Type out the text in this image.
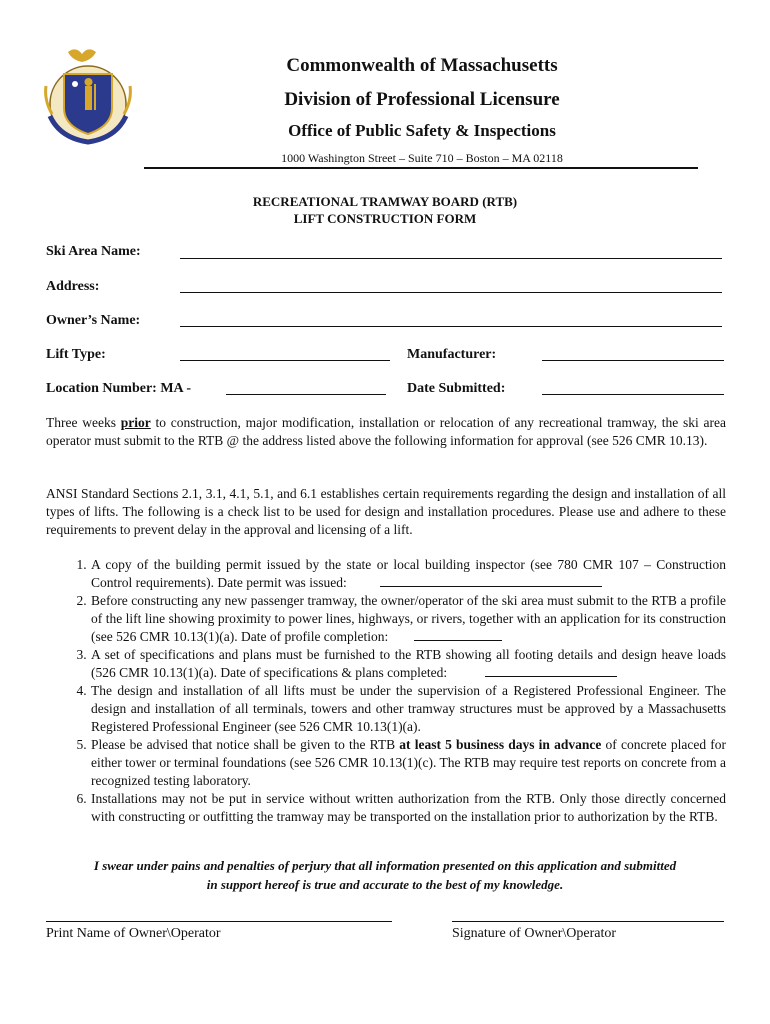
Commonwealth of Massachusetts
Division of Professional Licensure
Office of Public Safety & Inspections
1000 Washington Street – Suite 710 – Boston – MA 02118
RECREATIONAL TRAMWAY BOARD (RTB)
LIFT CONSTRUCTION FORM
Ski Area Name:
Address:
Owner’s Name:
Lift Type:	Manufacturer:
Location Number: MA -	Date Submitted:
Three weeks prior to construction, major modification, installation or relocation of any recreational tramway, the ski area operator must submit to the RTB @ the address listed above the following information for approval (see 526 CMR 10.13).
ANSI Standard Sections 2.1, 3.1, 4.1, 5.1, and 6.1 establishes certain requirements regarding the design and installation of all types of lifts. The following is a check list to be used for design and installation procedures. Please use and adhere to these requirements to prevent delay in the approval and licensing of a lift.
1. A copy of the building permit issued by the state or local building inspector (see 780 CMR 107 – Construction Control requirements). Date permit was issued:
2. Before constructing any new passenger tramway, the owner/operator of the ski area must submit to the RTB a profile of the lift line showing proximity to power lines, highways, or rivers, together with an application for its construction (see 526 CMR 10.13(1)(a). Date of profile completion:
3. A set of specifications and plans must be furnished to the RTB showing all footing details and design heave loads (526 CMR 10.13(1)(a). Date of specifications & plans completed:
4. The design and installation of all lifts must be under the supervision of a Registered Professional Engineer. The design and installation of all terminals, towers and other tramway structures must be approved by a Massachusetts Registered Professional Engineer (see 526 CMR 10.13(1)(a).
5. Please be advised that notice shall be given to the RTB at least 5 business days in advance of concrete placed for either tower or terminal foundations (see 526 CMR 10.13(1)(c). The RTB may require test reports on concrete from a recognized testing laboratory.
6. Installations may not be put in service without written authorization from the RTB. Only those directly concerned with constructing or outfitting the tramway may be transported on the installation prior to authorization by the RTB.
I swear under pains and penalties of perjury that all information presented on this application and submitted
in support hereof is true and accurate to the best of my knowledge.
Print Name of Owner\Operator	Signature of Owner\Operator
